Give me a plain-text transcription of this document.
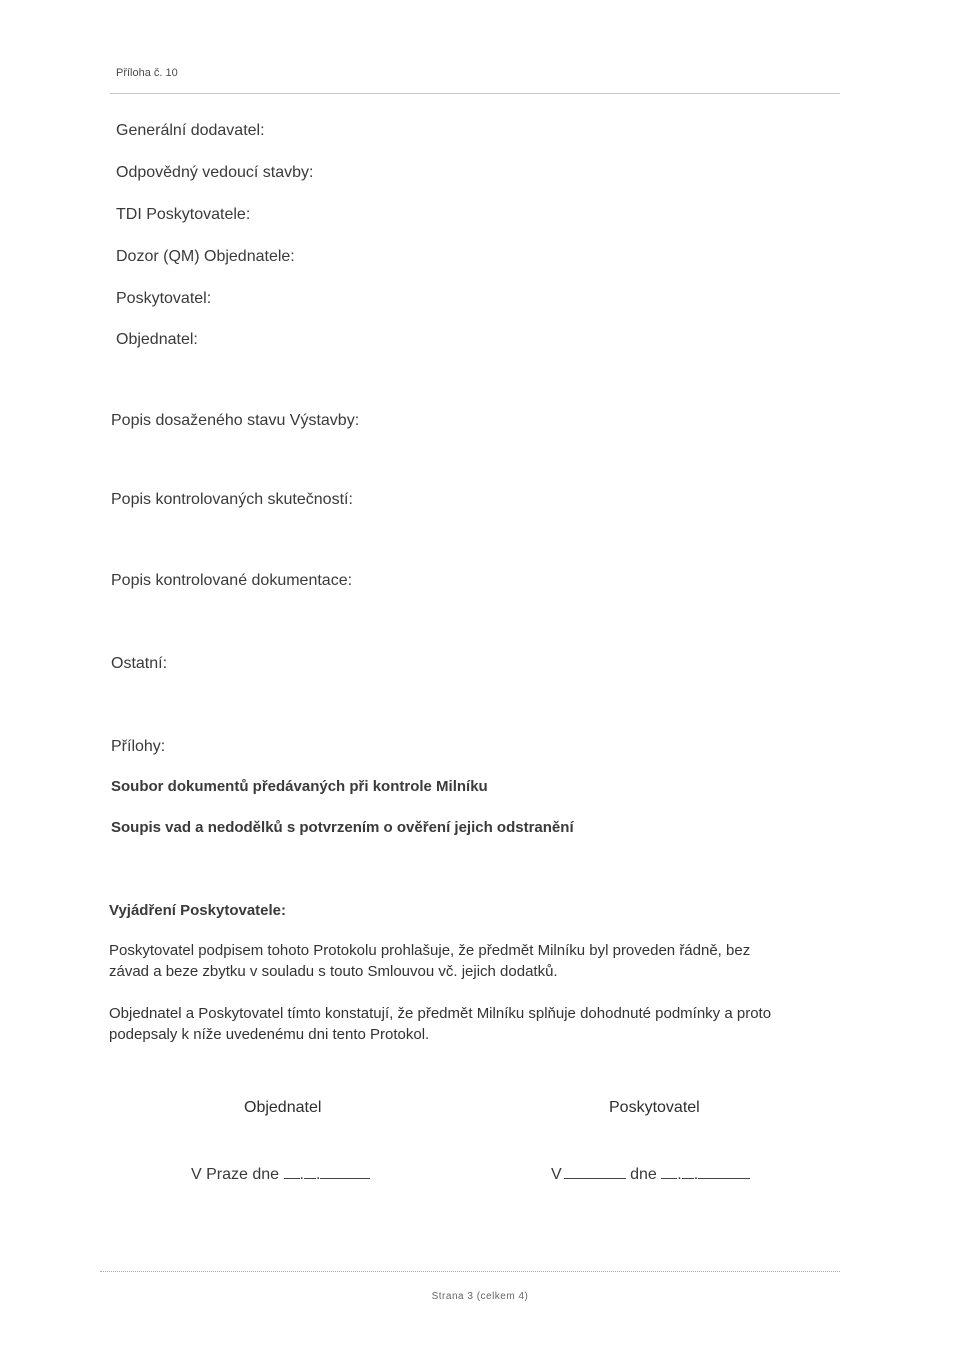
Příloha č. 10
Generální dodavatel:
Odpovědný vedoucí stavby:
TDI Poskytovatele:
Dozor (QM) Objednatele:
Poskytovatel:
Objednatel:
Popis dosaženého stavu Výstavby:
Popis kontrolovaných skutečností:
Popis kontrolované dokumentace:
Ostatní:
Přílohy:
Soubor dokumentů předávaných při kontrole Milníku
Soupis vad a nedodělků s potvrzením o ověření jejich odstranění
Vyjádření Poskytovatele:
Poskytovatel podpisem tohoto Protokolu prohlašuje, že předmět Milníku byl proveden řádně, bez
závad a beze zbytku v souladu s touto Smlouvou vč. jejich dodatků.
Objednatel a Poskytovatel tímto konstatují, že předmět Milníku splňuje dohodnuté podmínky a proto
podepsaly k níže uvedenému dni tento Protokol.
Objednatel	Poskytovatel
V Praze dne . .	V	dne . .
Strana 3 (celkem 4)
